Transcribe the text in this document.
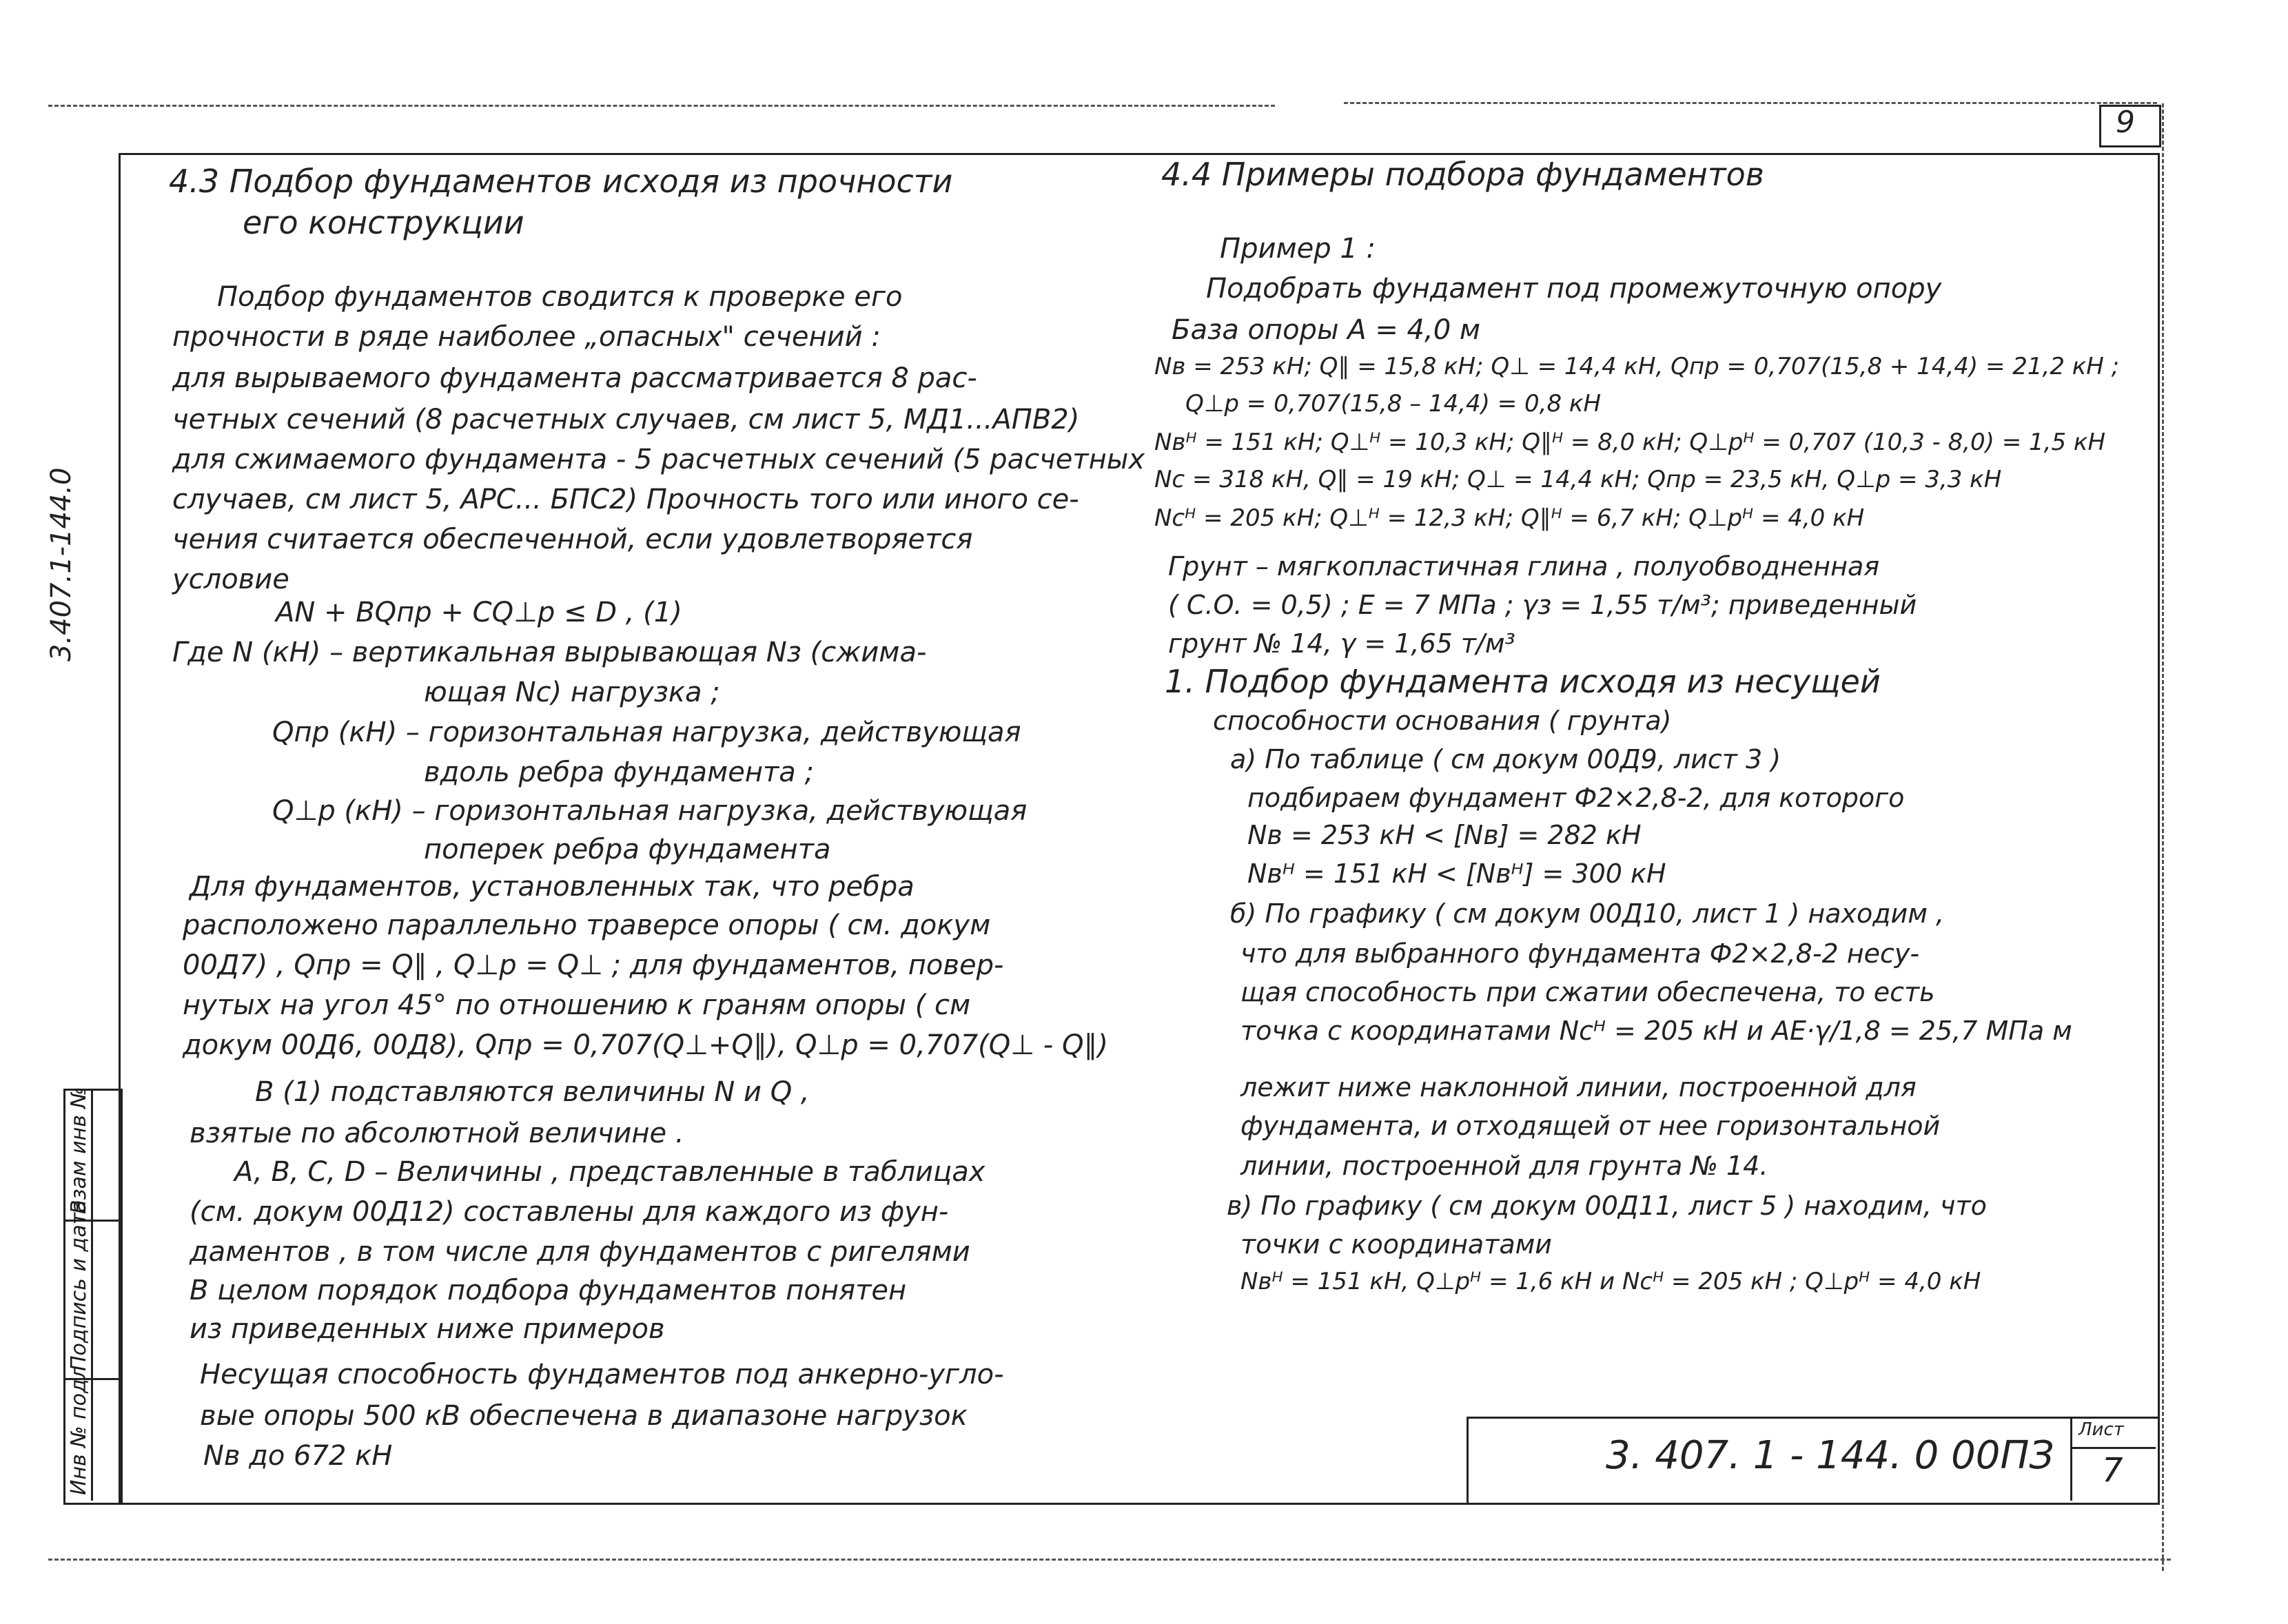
9
3.407.1-144.0
Инв № подл
Подпись и дата
Взам инв №
3. 407. 1 - 144. 0 00ПЗ
Лист
7
4.3 Подбор фундаментов исходя из прочности
его конструкции
Подбор фундаментов сводится к проверке его
прочности в ряде наиболее „опасных" сечений :
для вырываемого фундамента рассматривается 8 рас-
четных сечений (8 расчетных случаев, см лист 5, МД1...АПВ2)
для сжимаемого фундамента - 5 расчетных сечений (5 расчетных
случаев, см лист 5, АРС... БПС2) Прочность того или иного се-
чения считается обеспеченной, если удовлетворяется
условие
AN + BQпр + CQ⊥р ≤ D , (1)
Где N (кН) – вертикальная вырывающая Nз (сжима-
ющая Nc) нагрузка ;
Qпр (кН) – горизонтальная нагрузка, действующая
вдоль ребра фундамента ;
Q⊥р (кН) – горизонтальная нагрузка, действующая
поперек ребра фундамента
Для фундаментов, установленных так, что ребра
расположено параллельно траверсе опоры ( см. докум
00Д7) , Qпр = Q∥ , Q⊥р = Q⊥ ; для фундаментов, повер-
нутых на угол 45° по отношению к граням опоры ( см
докум 00Д6, 00Д8), Qпр = 0,707(Q⊥+Q∥), Q⊥р = 0,707(Q⊥ - Q∥)
В (1) подставляются величины N и Q ,
взятые по абсолютной величине .
A, B, C, D – Величины , представленные в таблицах
(см. докум 00Д12) составлены для каждого из фун-
даментов , в том числе для фундаментов с ригелями
В целом порядок подбора фундаментов понятен
из приведенных ниже примеров
Несущая способность фундаментов под анкерно-угло-
вые опоры 500 кВ обеспечена в диапазоне нагрузок
Nв до 672 кН
4.4 Примеры подбора фундаментов
Пример 1 :
Подобрать фундамент под промежуточную опору
База опоры A = 4,0 м
Nв = 253 кН; Q∥ = 15,8 кН; Q⊥ = 14,4 кН, Qпр = 0,707(15,8 + 14,4) = 21,2 кН ;
Q⊥р = 0,707(15,8 – 14,4) = 0,8 кН
Nвᴴ = 151 кН; Q⊥ᴴ = 10,3 кН; Q∥ᴴ = 8,0 кН; Q⊥рᴴ = 0,707 (10,3 - 8,0) = 1,5 кН
Nc = 318 кН, Q∥ = 19 кН; Q⊥ = 14,4 кН; Qпр = 23,5 кН, Q⊥р = 3,3 кН
Ncᴴ = 205 кН; Q⊥ᴴ = 12,3 кН; Q∥ᴴ = 6,7 кН; Q⊥рᴴ = 4,0 кН
Грунт – мягкопластичная глина , полуобводненная
( С.О. = 0,5) ; E = 7 МПа ; γз = 1,55 т/м³; приведенный
грунт № 14, γ = 1,65 т/м³
1. Подбор фундамента исходя из несущей
способности основания ( грунта)
а) По таблице ( см докум 00Д9, лист 3 )
подбираем фундамент Ф2×2,8-2, для которого
Nв = 253 кН < [Nв] = 282 кН
Nвᴴ = 151 кН < [Nвᴴ] = 300 кН
б) По графику ( см докум 00Д10, лист 1 ) находим ,
что для выбранного фундамента Ф2×2,8-2 несу-
щая способность при сжатии обеспечена, то есть
точка с координатами Ncᴴ = 205 кН и AE·γ/1,8 = 25,7 МПа м
лежит ниже наклонной линии, построенной для
фундамента, и отходящей от нее горизонтальной
линии, построенной для грунта № 14.
в) По графику ( см докум 00Д11, лист 5 ) находим, что
точки с координатами
Nвᴴ = 151 кН, Q⊥рᴴ = 1,6 кН и Ncᴴ = 205 кН ; Q⊥рᴴ = 4,0 кН
